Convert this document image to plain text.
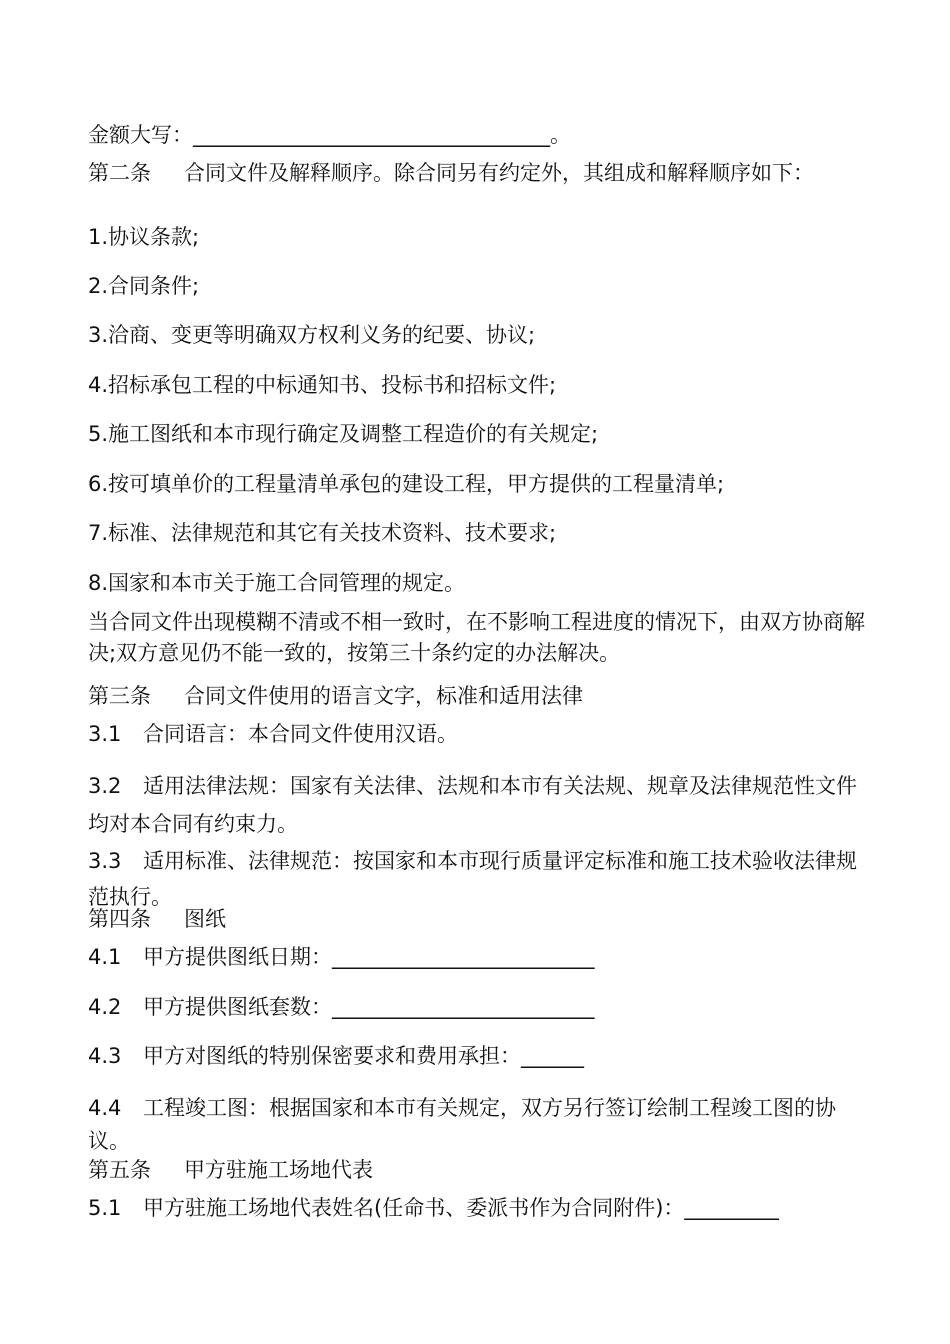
金额大写：__________________________________。
第二条 合同文件及解释顺序。除合同另有约定外，其组成和解释顺序如下：
1.协议条款;
2.合同条件;
3.洽商、变更等明确双方权利义务的纪要、协议;
4.招标承包工程的中标通知书、投标书和招标文件;
5.施工图纸和本市现行确定及调整工程造价的有关规定;
6.按可填单价的工程量清单承包的建设工程，甲方提供的工程量清单;
7.标准、法律规范和其它有关技术资料、技术要求;
8.国家和本市关于施工合同管理的规定。
当合同文件出现模糊不清或不相一致时，在不影响工程进度的情况下，由双方协商解决;双方意见仍不能一致的，按第三十条约定的办法解决。
第三条 合同文件使用的语言文字，标准和适用法律
3.1 合同语言：本合同文件使用汉语。
3.2 适用法律法规：国家有关法律、法规和本市有关法规、规章及法律规范性文件均对本合同有约束力。
3.3 适用标准、法律规范：按国家和本市现行质量评定标准和施工技术验收法律规范执行。
第四条 图纸
4.1 甲方提供图纸日期：_________________________
4.2 甲方提供图纸套数：_________________________
4.3 甲方对图纸的特别保密要求和费用承担：______
4.4 工程竣工图：根据国家和本市有关规定，双方另行签订绘制工程竣工图的协议。
第五条 甲方驻施工场地代表
5.1 甲方驻施工场地代表姓名(任命书、委派书作为合同附件)：_________
